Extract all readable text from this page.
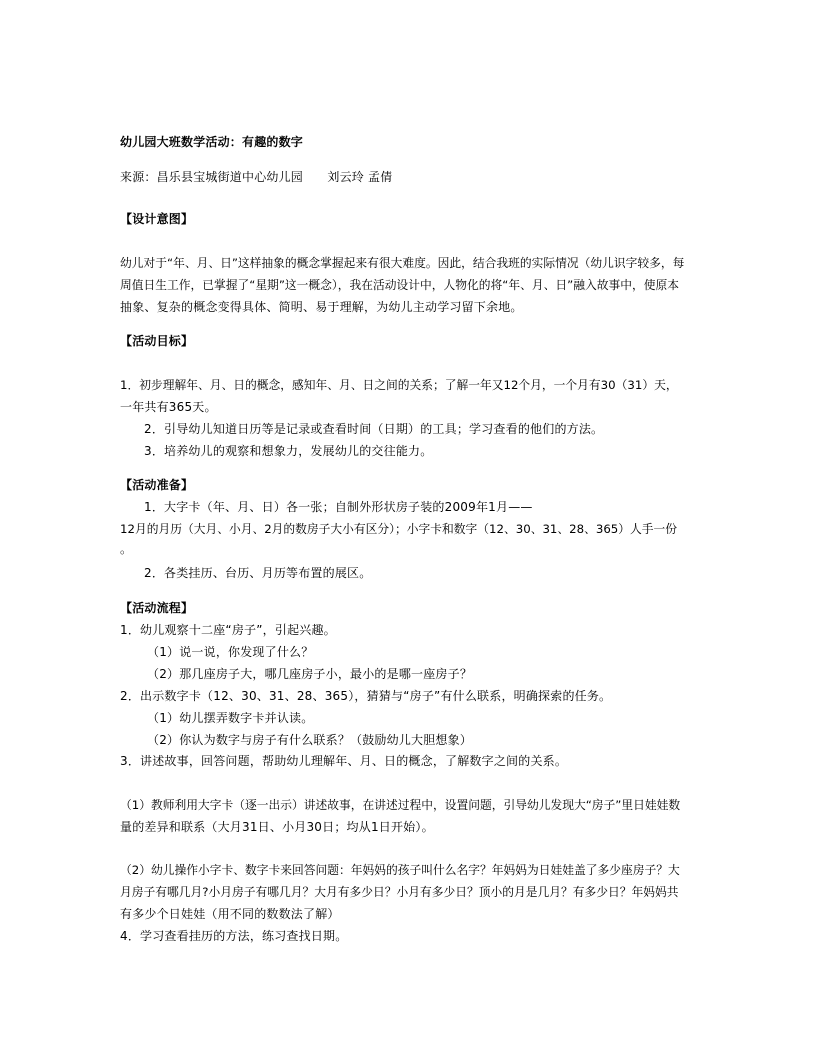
幼儿园大班数学活动：有趣的数字

来源：昌乐县宝城街道中心幼儿园　　刘云玲 孟倩

【设计意图】

幼儿对于“年、月、日”这样抽象的概念掌握起来有很大难度。因此，结合我班的实际情况（幼儿识字较多，每

周值日生工作，已掌握了“星期”这一概念），我在活动设计中，人物化的将“年、月、日”融入故事中，使原本

抽象、复杂的概念变得具体、简明、易于理解，为幼儿主动学习留下余地。

【活动目标】

1．初步理解年、月、日的概念，感知年、月、日之间的关系；了解一年又12个月，一个月有30（31）天，

一年共有365天。

2．引导幼儿知道日历等是记录或查看时间（日期）的工具；学习查看的他们的方法。

3．培养幼儿的观察和想象力，发展幼儿的交往能力。

【活动准备】

1．大字卡（年、月、日）各一张；自制外形状房子装的2009年1月——

12月的月历（大月、小月、2月的数房子大小有区分）；小字卡和数字（12、30、31、28、365）人手一份

。

2．各类挂历、台历、月历等布置的展区。

【活动流程】

1．幼儿观察十二座“房子”，引起兴趣。

（1）说一说，你发现了什么？

（2）那几座房子大，哪几座房子小，最小的是哪一座房子？

2．出示数字卡（12、30、31、28、365），猜猜与“房子”有什么联系，明确探索的任务。

（1）幼儿摆弄数字卡并认读。

（2）你认为数字与房子有什么联系？（鼓励幼儿大胆想象）

3．讲述故事，回答问题，帮助幼儿理解年、月、日的概念，了解数字之间的关系。

（1）教师利用大字卡（逐一出示）讲述故事，在讲述过程中，设置问题，引导幼儿发现大“房子”里日娃娃数

量的差异和联系（大月31日、小月30日；均从1日开始）。

（2）幼儿操作小字卡、数字卡来回答问题：年妈妈的孩子叫什么名字？年妈妈为日娃娃盖了多少座房子？大

月房子有哪几月?小月房子有哪几月？大月有多少日？小月有多少日？顶小的月是几月？有多少日？年妈妈共

有多少个日娃娃（用不同的数数法了解）

4．学习查看挂历的方法，练习查找日期。
